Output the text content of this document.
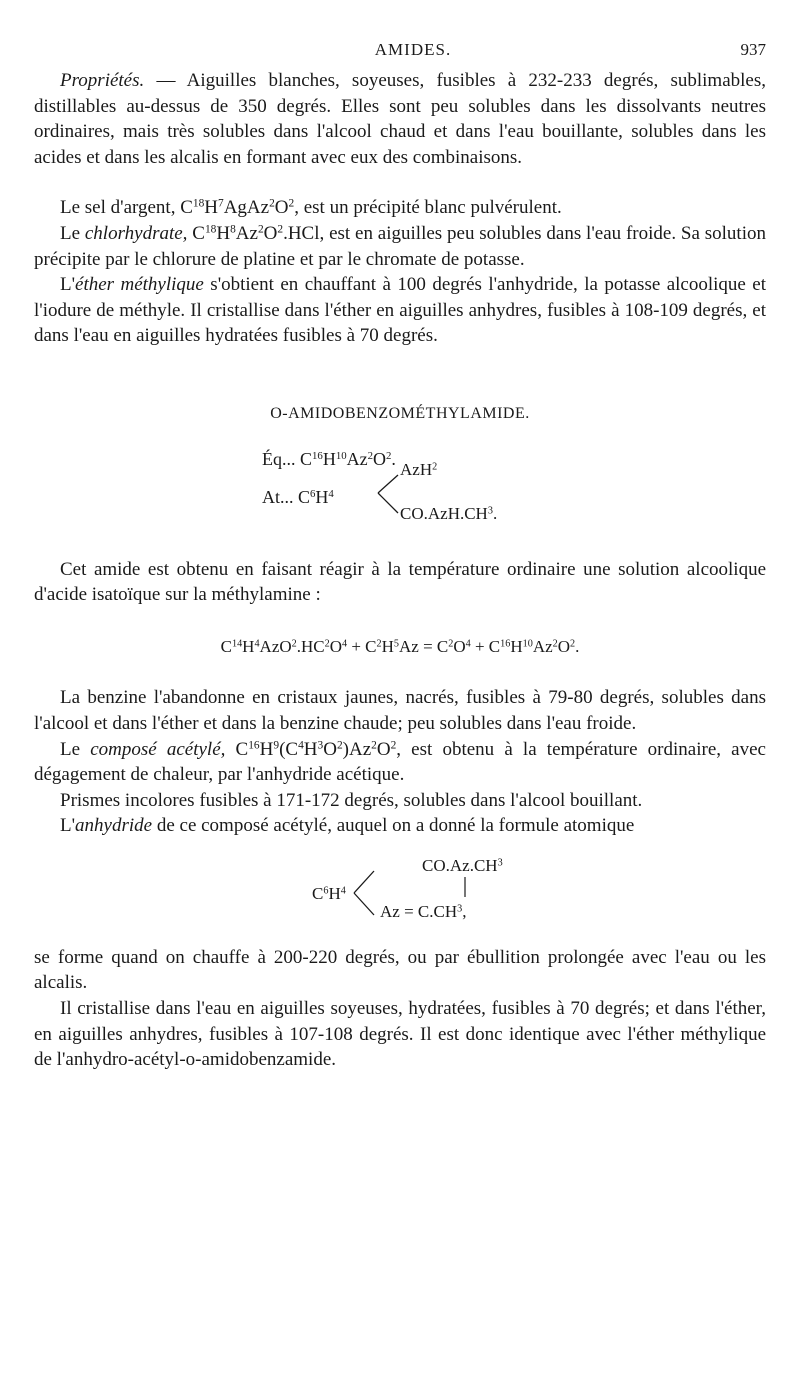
AMIDES.	937

Propriétés. — Aiguilles blanches, soyeuses, fusibles à 232-233 degrés, sublimables, distillables au-dessus de 350 degrés. Elles sont peu solubles dans les dissolvants neutres ordinaires, mais très solubles dans l'alcool chaud et dans l'eau bouillante, solubles dans les acides et dans les alcalis en formant avec eux des combinaisons.

Le sel d'argent, $C^{18}H^7AgAz^2O^2$, est un précipité blanc pulvérulent.

Le chlorhydrate, $C^{18}H^8Az^2O^2.HCl$, est en aiguilles peu solubles dans l'eau froide. Sa solution précipite par le chlorure de platine et par le chromate de potasse.

L'éther méthylique s'obtient en chauffant à 100 degrés l'anhydride, la potasse alcoolique et l'iodure de méthyle. Il cristallise dans l'éther en aiguilles anhydres, fusibles à 108-109 degrés, et dans l'eau en aiguilles hydratées fusibles à 70 degrés.

O-AMIDOBENZOMÉTHYLAMIDE.
Éq... $C^{16}H^{10}Az^2O^2$.
At... $C^6H^4$
AzH$^2$
$CO.AzH.CH^3$.

Cet amide est obtenu en faisant réagir à la température ordinaire une solution alcoolique d'acide isatoïque sur la méthylamine :

$C^{14}H^4AzO^2.HC^2O^4 + C^2H^5Az = C^2O^4 + C^{16}H^{10}Az^2O^2$.

La benzine l'abandonne en cristaux jaunes, nacrés, fusibles à 79-80 degrés, solubles dans l'alcool et dans l'éther et dans la benzine chaude; peu solubles dans l'eau froide.

Le composé acétylé, $C^{16}H^9(C^4H^3O^2)Az^2O^2$, est obtenu à la température ordinaire, avec dégagement de chaleur, par l'anhydride acétique.

Prismes incolores fusibles à 171-172 degrés, solubles dans l'alcool bouillant.

L'anhydride de ce composé acétylé, auquel on a donné la formule atomique

$C^6H^4$
$CO.Az.CH^3$
$Az = C.CH^3$,

se forme quand on chauffe à 200-220 degrés, ou par ébullition prolongée avec l'eau ou les alcalis.

Il cristallise dans l'eau en aiguilles soyeuses, hydratées, fusibles à 70 degrés; et dans l'éther, en aiguilles anhydres, fusibles à 107-108 degrés. Il est donc identique avec l'éther méthylique de l'anhydro-acétyl-o-amidobenzamide.
